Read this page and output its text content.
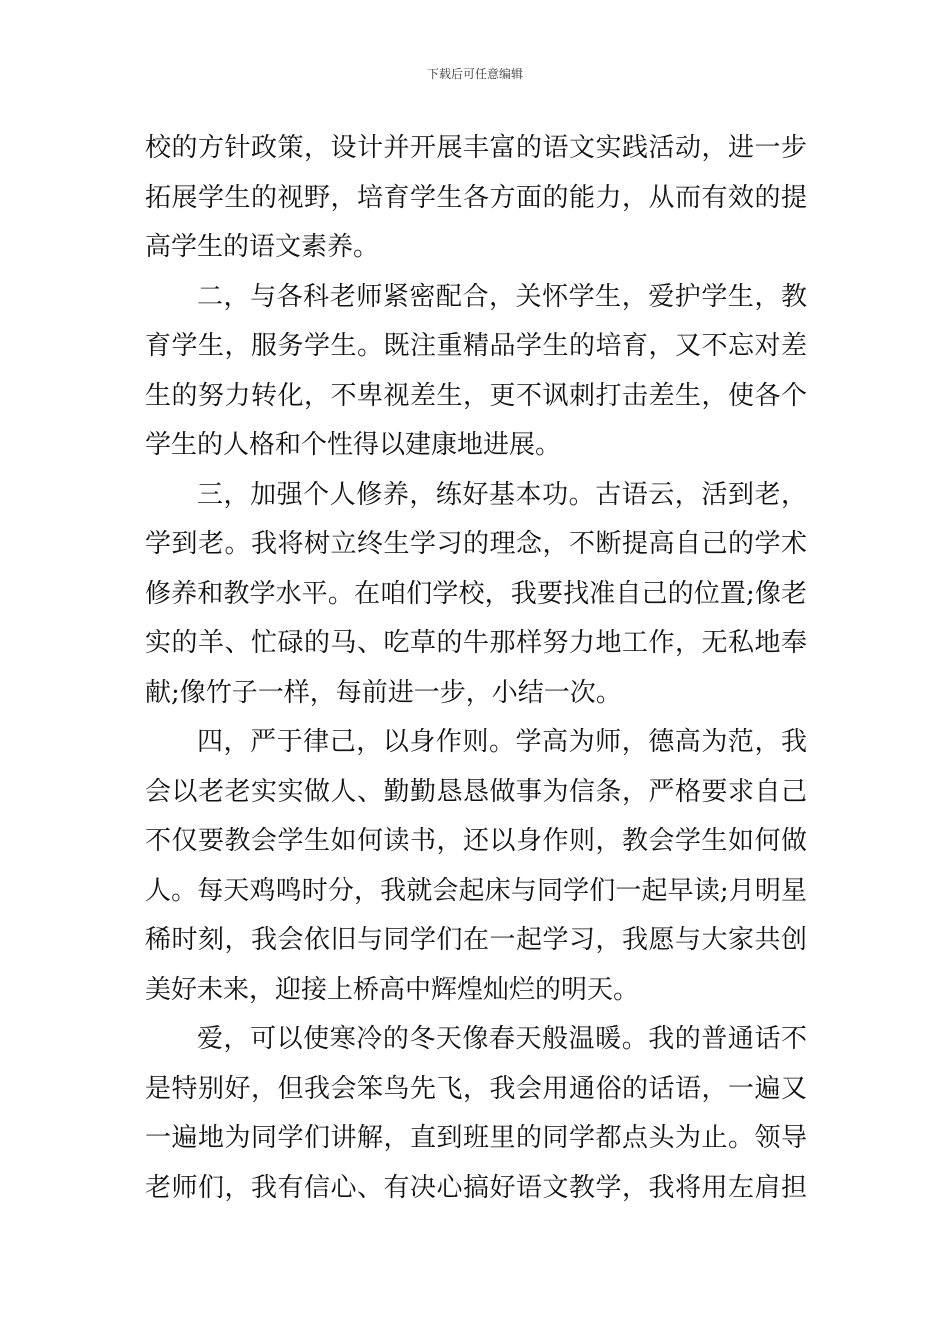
下载后可任意编辑

校的方针政策，设计并开展丰富的语文实践活动，进一步
拓展学生的视野，培育学生各方面的能力，从而有效的提
高学生的语文素养。

二，与各科老师紧密配合，关怀学生，爱护学生，教
育学生，服务学生。既注重精品学生的培育，又不忘对差
生的努力转化，不卑视差生，更不讽刺打击差生，使各个
学生的人格和个性得以建康地进展。

三，加强个人修养，练好基本功。古语云，活到老，
学到老。我将树立终生学习的理念，不断提高自己的学术
修养和教学水平。在咱们学校，我要找准自己的位置;像老
实的羊、忙碌的马、吃草的牛那样努力地工作，无私地奉
献;像竹子一样，每前进一步，小结一次。

四，严于律己，以身作则。学高为师，德高为范，我
会以老老实实做人、勤勤恳恳做事为信条，严格要求自己
不仅要教会学生如何读书，还以身作则，教会学生如何做
人。每天鸡鸣时分，我就会起床与同学们一起早读;月明星
稀时刻，我会依旧与同学们在一起学习，我愿与大家共创
美好未来，迎接上桥高中辉煌灿烂的明天。

爱，可以使寒冷的冬天像春天般温暖。我的普通话不
是特别好，但我会笨鸟先飞，我会用通俗的话语，一遍又
一遍地为同学们讲解，直到班里的同学都点头为止。领导
老师们，我有信心、有决心搞好语文教学，我将用左肩担
